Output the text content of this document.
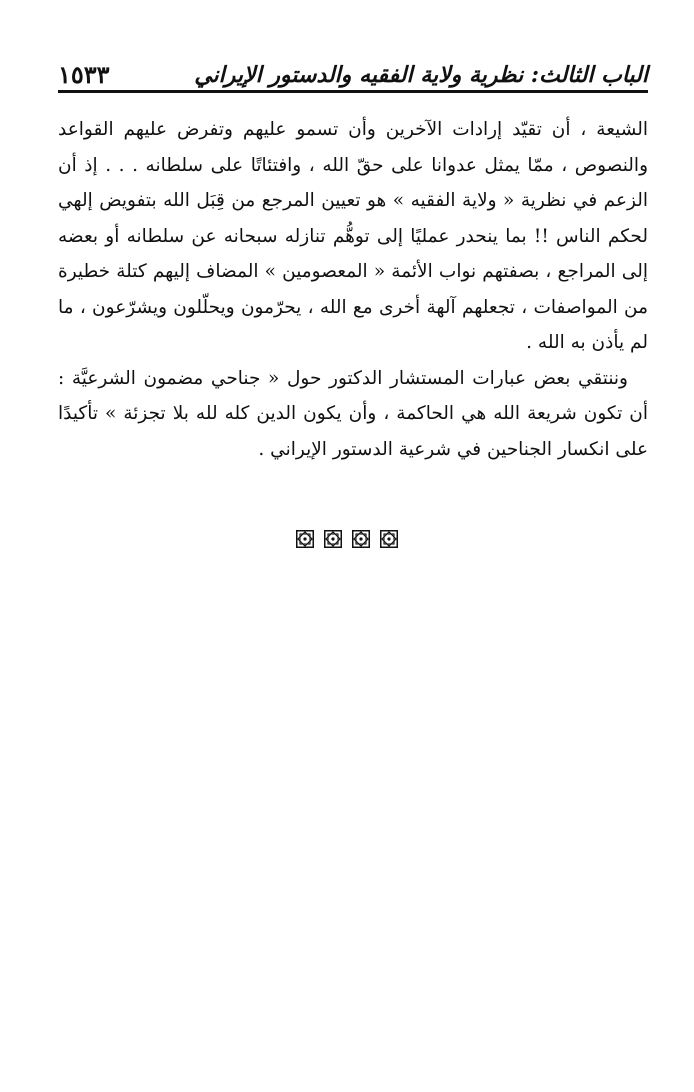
الباب الثالث: نظرية ولاية الفقيه والدستور الإيراني
١٥٣٣

الشيعة ، أن تقيّد إرادات الآخرين وأن تسمو عليهم وتفرض عليهم القواعد والنصوص ، ممّا يمثل عدوانا على حقّ الله ، وافتئاتًا على سلطانه . . . إذ أن الزعم في نظرية « ولاية الفقيه » هو تعيين المرجع من قِبَل الله بتفويض إلهي لحكم الناس !! بما ينحدر عمليًا إلى توهُّم تنازله سبحانه عن سلطانه أو بعضه إلى المراجع ، بصفتهم نواب الأئمة « المعصومين » المضاف إليهم كتلة خطيرة من المواصفات ، تجعلهم آلهة أخرى مع الله ، يحرّمون ويحلّلون ويشرّعون ، ما لم يأذن به الله .

وننتقي بعض عبارات المستشار الدكتور حول « جناحي مضمون الشرعيَّة : أن تكون شريعة الله هي الحاكمة ، وأن يكون الدين كله لله بلا تجزئة » تأكيدًا على انكسار الجناحين في شرعية الدستور الإيراني .
